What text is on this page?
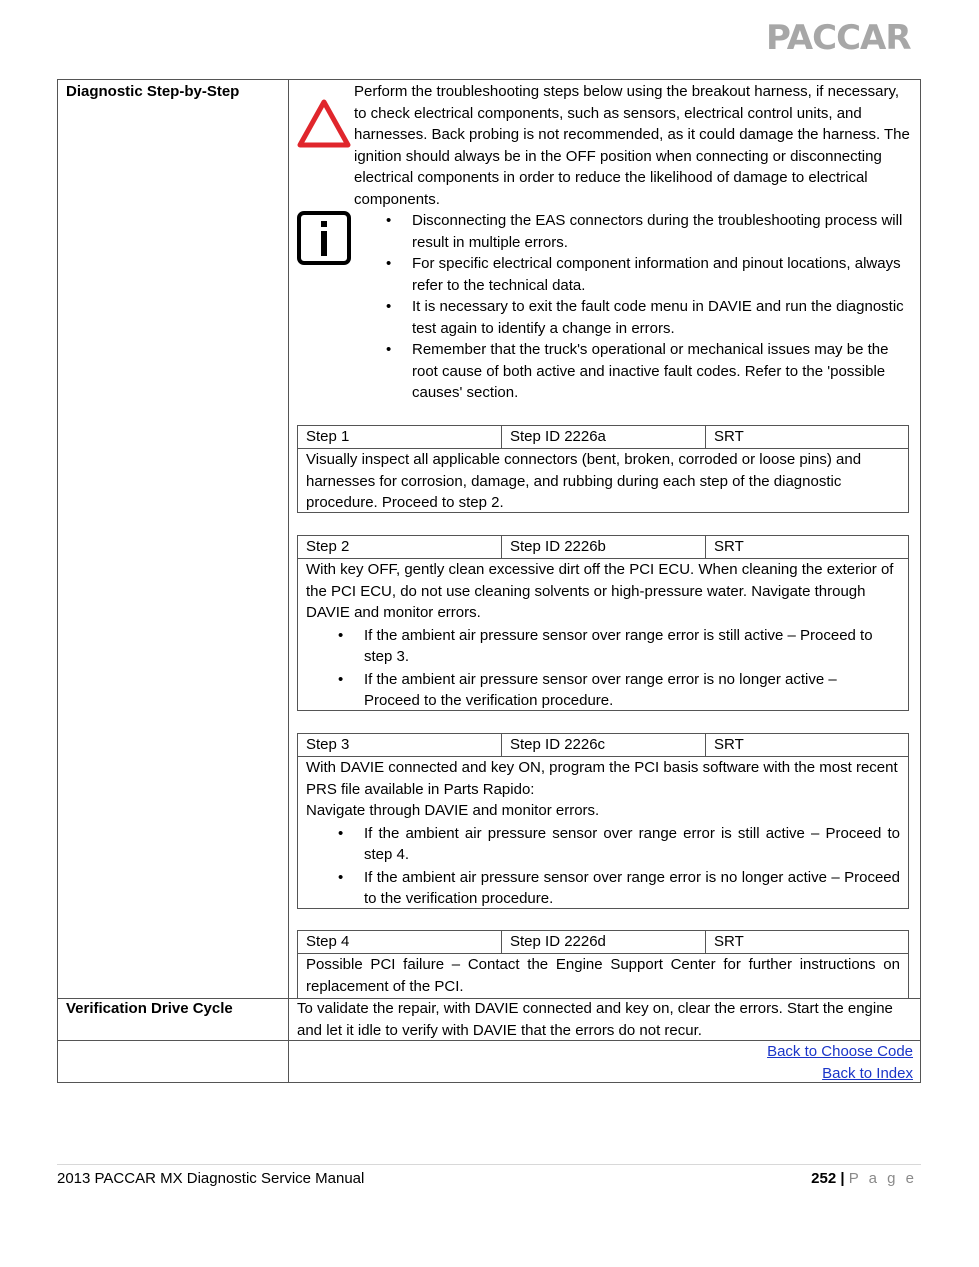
PACCAR
Diagnostic Step-by-Step	Perform the troubleshooting steps below using the breakout harness, if necessary, to check electrical components, such as sensors, electrical control units, and harnesses. Back probing is not recommended, as it could damage the harness. The ignition should always be in the OFF position when connecting or disconnecting electrical components in order to reduce the likelihood of damage to electrical components.
• Disconnecting the EAS connectors during the troubleshooting process will result in multiple errors.
• For specific electrical component information and pinout locations, always refer to the technical data.
• It is necessary to exit the fault code menu in DAVIE and run the diagnostic test again to identify a change in errors.
• Remember that the truck's operational or mechanical issues may be the root cause of both active and inactive fault codes. Refer to the 'possible causes' section.
Step 1	Step ID 2226a	SRT
Visually inspect all applicable connectors (bent, broken, corroded or loose pins) and harnesses for corrosion, damage, and rubbing during each step of the diagnostic procedure. Proceed to step 2.
Step 2	Step ID 2226b	SRT
With key OFF, gently clean excessive dirt off the PCI ECU. When cleaning the exterior of the PCI ECU, do not use cleaning solvents or high-pressure water. Navigate through DAVIE and monitor errors.
• If the ambient air pressure sensor over range error is still active – Proceed to step 3.
• If the ambient air pressure sensor over range error is no longer active – Proceed to the verification procedure.
Step 3	Step ID 2226c	SRT
With DAVIE connected and key ON, program the PCI basis software with the most recent PRS file available in Parts Rapido:
Navigate through DAVIE and monitor errors.
• If the ambient air pressure sensor over range error is still active – Proceed to step 4.
• If the ambient air pressure sensor over range error is no longer active – Proceed to the verification procedure.
Step 4	Step ID 2226d	SRT
Possible PCI failure – Contact the Engine Support Center for further instructions on replacement of the PCI.
Verification Drive Cycle	To validate the repair, with DAVIE connected and key on, clear the errors. Start the engine and let it idle to verify with DAVIE that the errors do not recur.
Back to Choose Code
Back to Index
2013 PACCAR MX Diagnostic Service Manual	252 | P a g e
